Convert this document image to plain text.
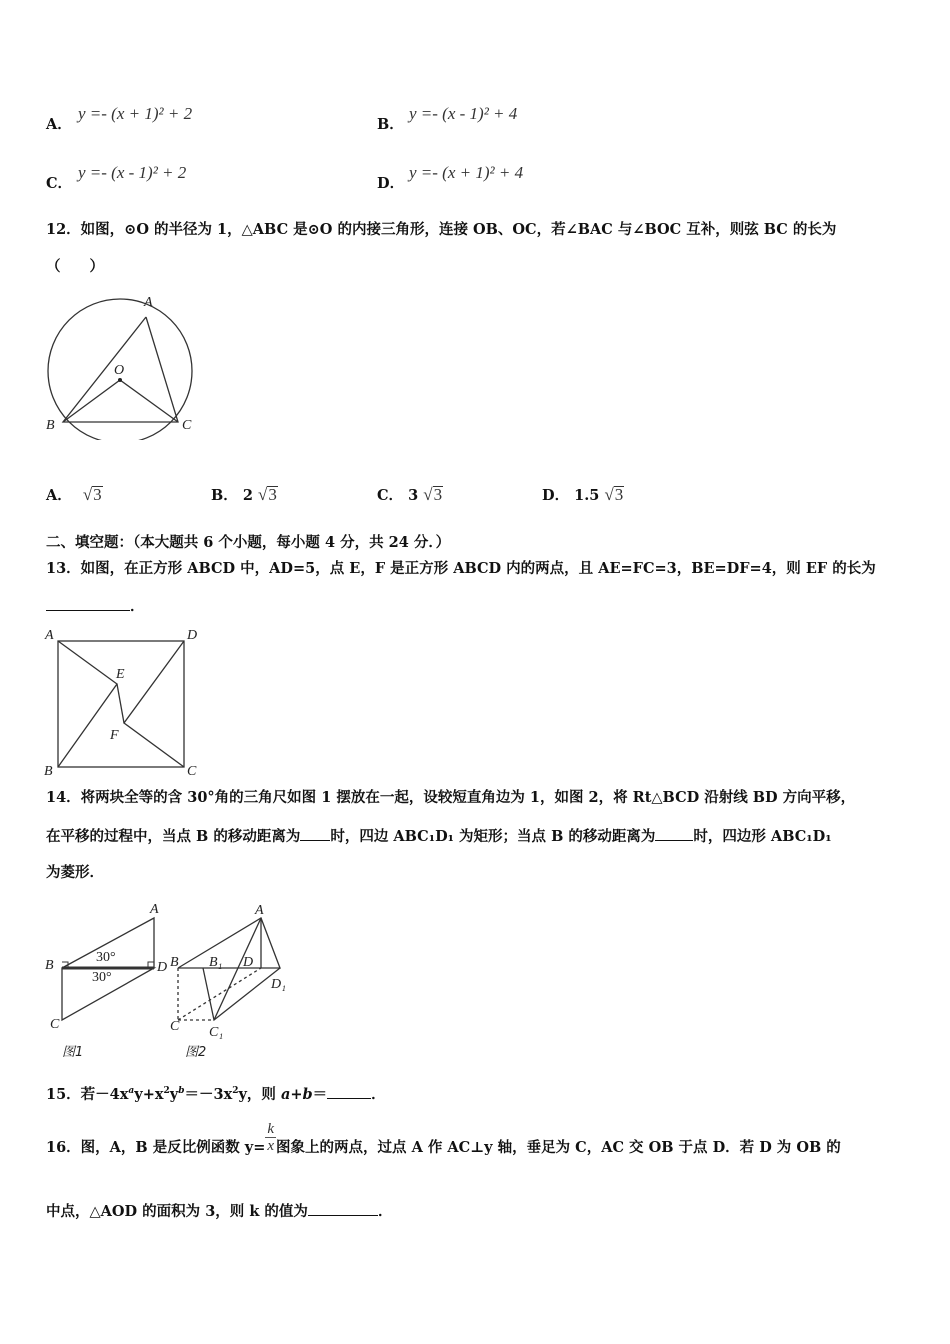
A．
y =- (x + 1)² + 2
B．
y =- (x - 1)² + 4
C．
y =- (x - 1)² + 2
D．
y =- (x + 1)² + 4
12．如图，⊙O 的半径为 1，△ABC 是⊙O 的内接三角形，连接 OB、OC，若∠BAC 与∠BOC 互补，则弦 BC 的长为
（　　）
A
B	C
O
A． √3	B． 2 √3	C． 3 √3	D． 1.5 √3
二、填空题：（本大题共 6 个小题，每小题 4 分，共 24 分．）
13．如图，在正方形 ABCD 中，AD=5，点 E，F 是正方形 ABCD 内的两点，且 AE=FC=3，BE=DF=4，则 EF 的长为
．
A	D
B	C
E
F
14．将两块全等的含 30°角的三角尺如图 1 摆放在一起，设较短直角边为 1，如图 2，将 Rt△BCD 沿射线 BD 方向平移，
在平移的过程中，当点 B 的移动距离为 时，四边 ABC₁D₁ 为矩形；当点 B 的移动距离为	时，四边形 ABC₁D₁
为菱形．
A
B	D
C
30°
30°
图1
A
B B₁ D
D₁
C C₁
图2
15．若$-4x^ay+x^2y^b=-3x^2y$，则 a+b＝	．
16．图，A，B 是反比例函数 $y= \frac{k}{x}$ 图象上的两点，过点 A 作 AC⊥y 轴，垂足为 C，AC 交 OB 于点 D．若 D 为 OB 的
中点，△AOD 的面积为 3，则 k 的值为	．
